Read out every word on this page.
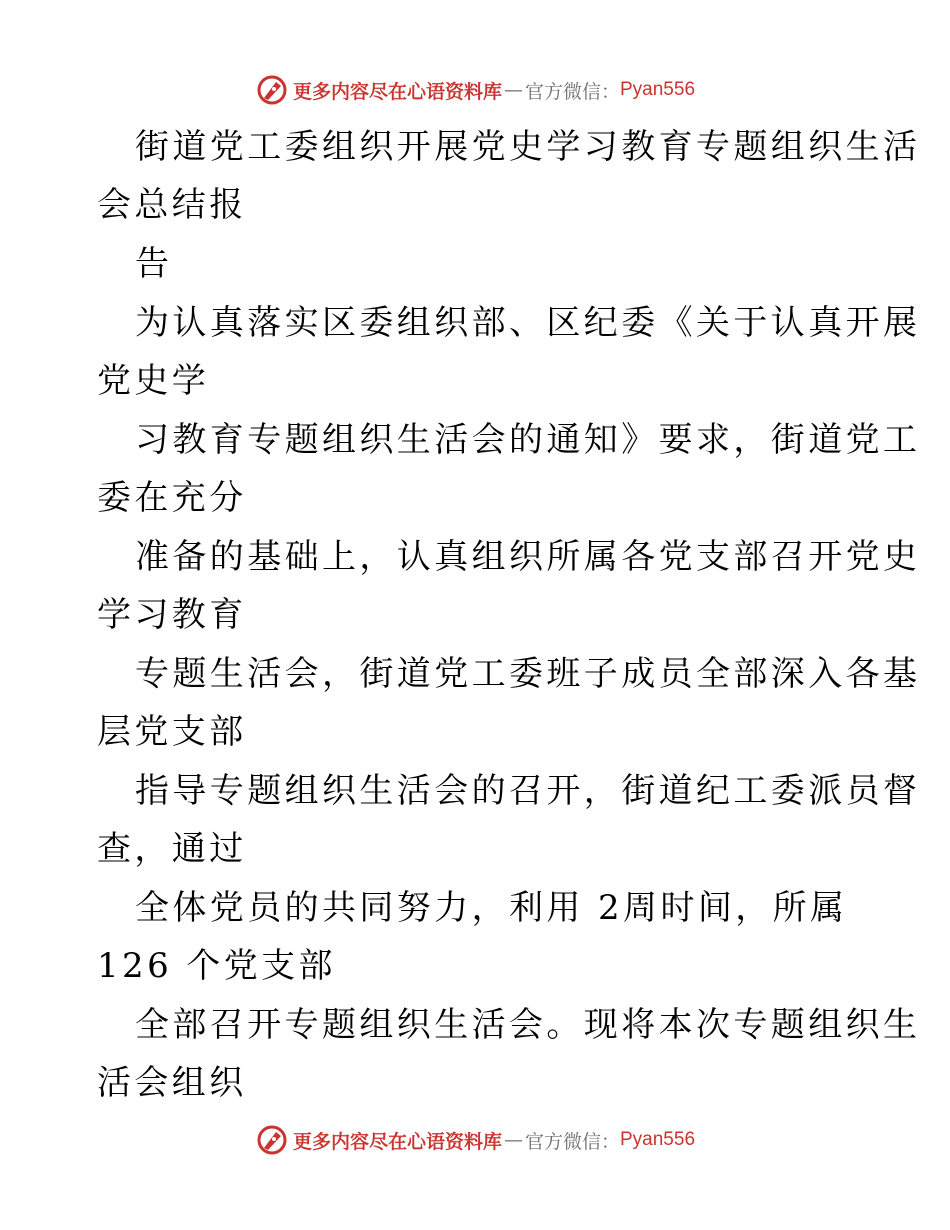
更多内容尽在心语资料库 — 官方微信： Pyan556
街道党工委组织开展党史学习教育专题组织生活
会总结报
告
为认真落实区委组织部、区纪委《关于认真开展
党史学
习教育专题组织生活会的通知》要求，街道党工
委在充分
准备的基础上，认真组织所属各党支部召开党史
学习教育
专题生活会，街道党工委班子成员全部深入各基
层党支部
指导专题组织生活会的召开，街道纪工委派员督
查，通过
全体党员的共同努力，利用 2周时间，所属
126 个党支部
全部召开专题组织生活会。现将本次专题组织生
活会组织
更多内容尽在心语资料库 — 官方微信： Pyan556
